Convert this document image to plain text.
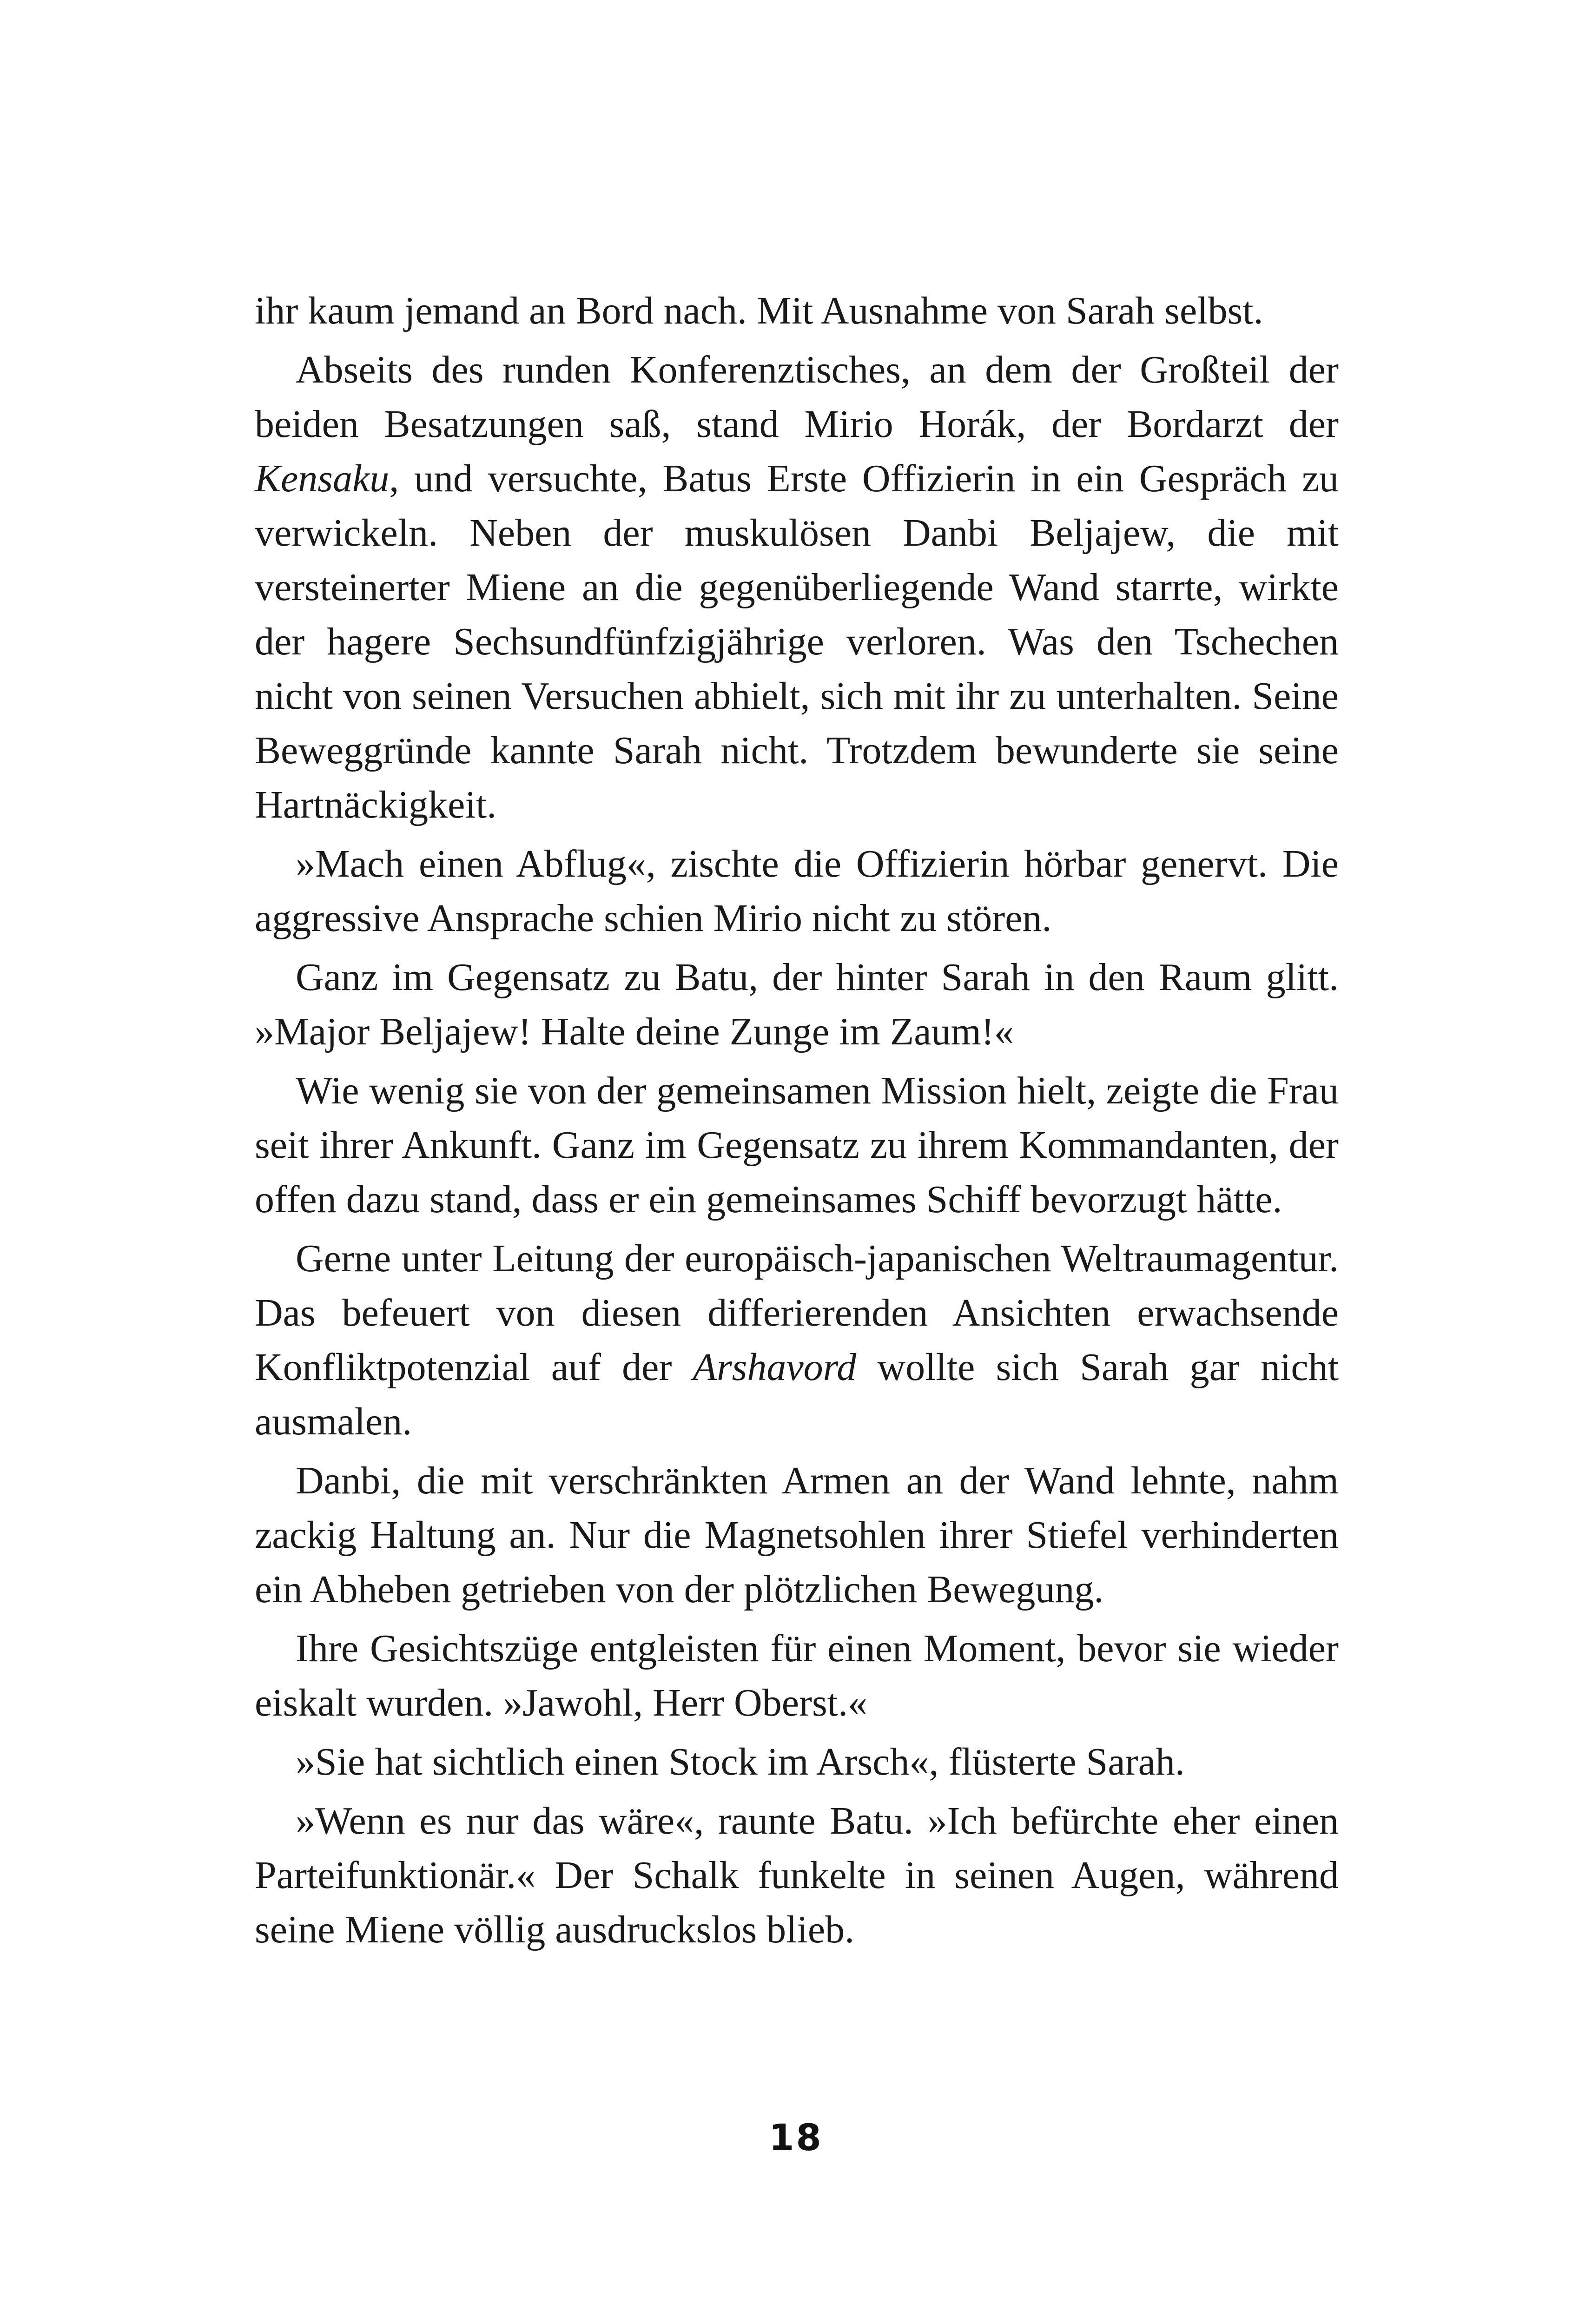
ihr kaum jemand an Bord nach. Mit Ausnahme von Sarah selbst.

Abseits des runden Konferenztisches, an dem der Großteil der beiden Besatzungen saß, stand Mirio Horák, der Bordarzt der Kensaku, und versuchte, Batus Erste Offizierin in ein Gespräch zu verwickeln. Neben der muskulösen Danbi Beljajew, die mit versteinerter Miene an die gegenüberliegende Wand starrte, wirkte der hagere Sechsundfünfzigjährige verloren. Was den Tschechen nicht von seinen Versuchen abhielt, sich mit ihr zu unterhalten. Seine Beweggründe kannte Sarah nicht. Trotzdem bewunderte sie seine Hartnäckigkeit.

»Mach einen Abflug«, zischte die Offizierin hörbar genervt. Die aggressive Ansprache schien Mirio nicht zu stören.

Ganz im Gegensatz zu Batu, der hinter Sarah in den Raum glitt. »Major Beljajew! Halte deine Zunge im Zaum!«

Wie wenig sie von der gemeinsamen Mission hielt, zeigte die Frau seit ihrer Ankunft. Ganz im Gegensatz zu ihrem Kommandanten, der offen dazu stand, dass er ein gemeinsames Schiff bevorzugt hätte.

Gerne unter Leitung der europäisch-japanischen Weltraumagentur. Das befeuert von diesen differierenden Ansichten erwachsende Konfliktpotenzial auf der Arshavord wollte sich Sarah gar nicht ausmalen.

Danbi, die mit verschränkten Armen an der Wand lehnte, nahm zackig Haltung an. Nur die Magnetsohlen ihrer Stiefel verhinderten ein Abheben getrieben von der plötzlichen Bewegung.

Ihre Gesichtszüge entgleisten für einen Moment, bevor sie wieder eiskalt wurden. »Jawohl, Herr Oberst.«

»Sie hat sichtlich einen Stock im Arsch«, flüsterte Sarah.

»Wenn es nur das wäre«, raunte Batu. »Ich befürchte eher einen Parteifunktionär.« Der Schalk funkelte in seinen Augen, während seine Miene völlig ausdruckslos blieb.

18
